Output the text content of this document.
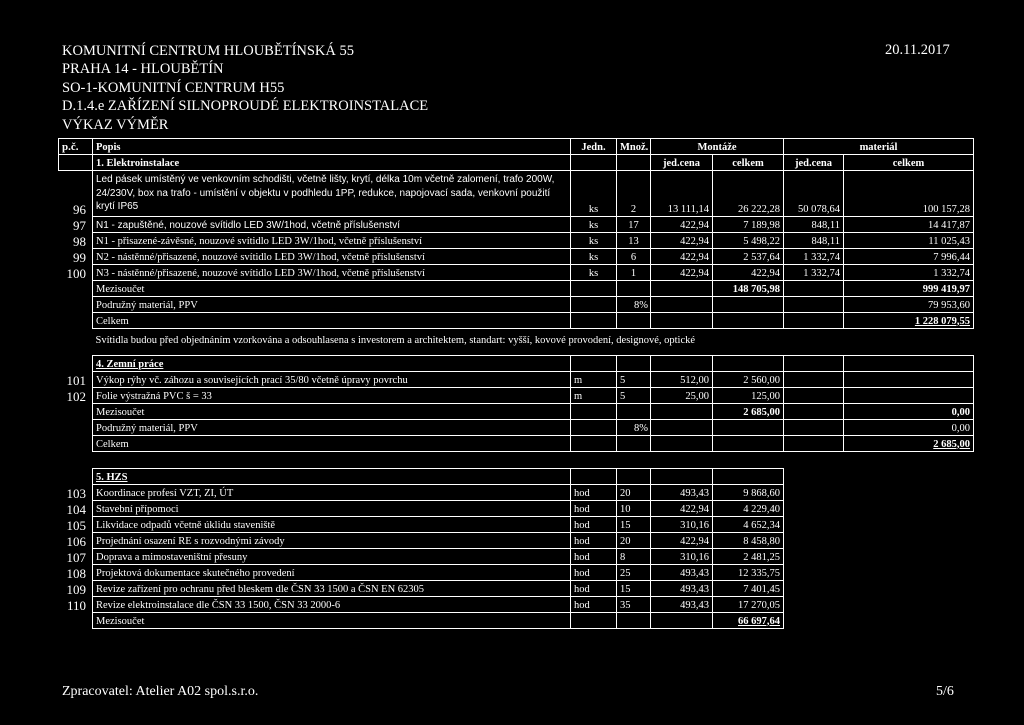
KOMUNITNÍ CENTRUM HLOUBĚTÍNSKÁ 55
PRAHA 14 - HLOUBĚTÍN
SO-1-KOMUNITNÍ CENTRUM H55
D.1.4.e ZAŘÍZENÍ SILNOPROUDÉ ELEKTROINSTALACE
VÝKAZ VÝMĚR
20.11.2017
p.č.	Popis	Jedn.	Množ.	Montáže		materiál	
	1. Elektroinstalace			jed.cena	celkem	jed.cena	celkem
96	Led pásek umístěný ve venkovním schodišti, včetně lišty, krytí, délka 10m včetně zalomení, trafo 200W, 24/230V, box na trafo - umístění v objektu v podhledu 1PP, redukce, napojovací sada, venkovní použití krytí IP65	ks	2	13 111,14	26 222,28	50 078,64	100 157,28
97	N1 - zapuštěné, nouzové svítidlo LED 3W/1hod, včetně příslušenství	ks	17	422,94	7 189,98	848,11	14 417,87
98	N1 - přisazené-závěsné, nouzové svítidlo LED 3W/1hod, včetně příslušenství	ks	13	422,94	5 498,22	848,11	11 025,43
99	N2 - nástěnné/přisazené, nouzové svítidlo LED 3W/1hod, včetně příslušenství	ks	6	422,94	2 537,64	1 332,74	7 996,44
100	N3 - nástěnné/přisazené, nouzové svítidlo LED 3W/1hod, včetně příslušenství	ks	1	422,94	422,94	1 332,74	1 332,74
	Mezisoučet				148 705,98		999 419,97
	Podružný materiál, PPV		8%				79 953,60
	Celkem						1 228 079,55
	Svítidla budou před objednáním vzorkována a odsouhlasena s investorem a architektem, standart: vyšší, kovové provodení, designové, optické						

	4. Zemní práce						
101	Výkop rýhy vč. záhozu a souvisejících prací 35/80 včetně úpravy povrchu	m	5	512,00	2 560,00		
102	Folie výstražná PVC š = 33	m	5	25,00	125,00		
	Mezisoučet				2 685,00		0,00
	Podružný materiál, PPV		8%				0,00
	Celkem						2 685,00

	5. HZS						
103	Koordinace profesí VZT, ZI, ÚT	hod	20	493,43	9 868,60		
104	Stavební přípomoci	hod	10	422,94	4 229,40		
105	Likvidace odpadů včetně úklidu staveniště	hod	15	310,16	4 652,34		
106	Projednání osazení RE s rozvodnými závody	hod	20	422,94	8 458,80		
107	Doprava a mimostaveništní přesuny	hod	8	310,16	2 481,25		
108	Projektová dokumentace skutečného provedení	hod	25	493,43	12 335,75		
109	Revize zařízení pro ochranu před bleskem dle ČSN 33 1500 a ČSN EN 62305	hod	15	493,43	7 401,45		
110	Revize elektroinstalace dle ČSN 33 1500, ČSN 33 2000-6	hod	35	493,43	17 270,05		
	Mezisoučet				66 697,64		
Zpracovatel: Atelier A02 spol.s.r.o.	5/6
